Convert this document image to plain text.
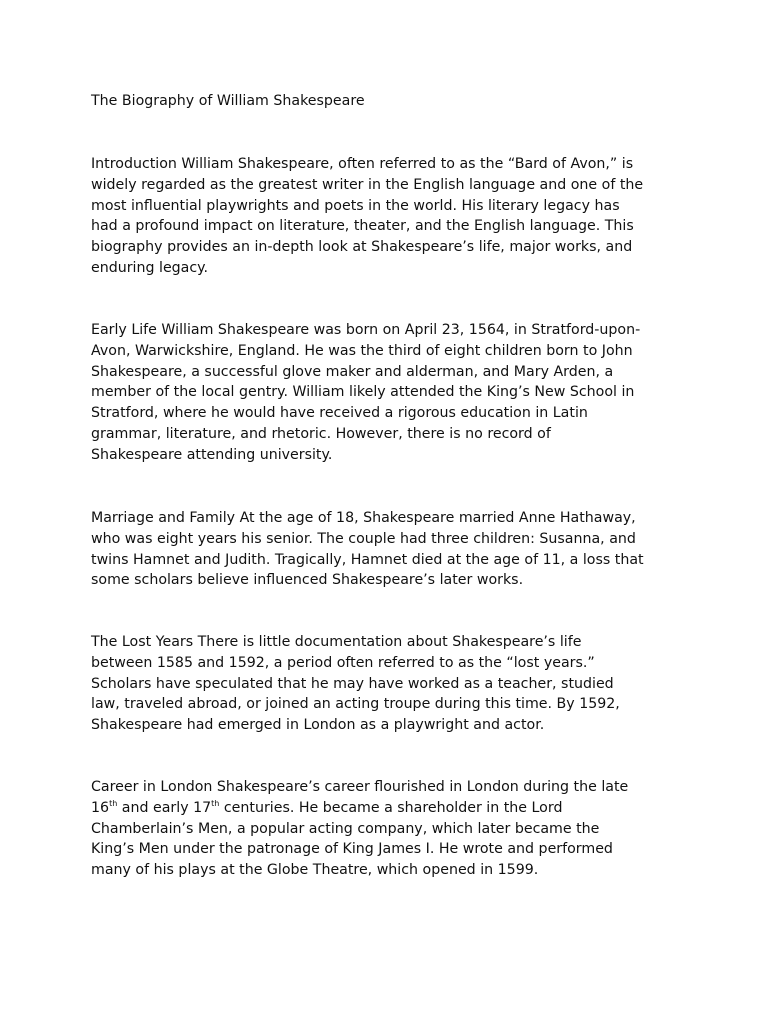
The Biography of William Shakespeare

Introduction William Shakespeare, often referred to as the “Bard of Avon,” is
widely regarded as the greatest writer in the English language and one of the
most influential playwrights and poets in the world. His literary legacy has
had a profound impact on literature, theater, and the English language. This
biography provides an in-depth look at Shakespeare’s life, major works, and
enduring legacy.

Early Life William Shakespeare was born on April 23, 1564, in Stratford-upon-
Avon, Warwickshire, England. He was the third of eight children born to John
Shakespeare, a successful glove maker and alderman, and Mary Arden, a
member of the local gentry. William likely attended the King’s New School in
Stratford, where he would have received a rigorous education in Latin
grammar, literature, and rhetoric. However, there is no record of
Shakespeare attending university.

Marriage and Family At the age of 18, Shakespeare married Anne Hathaway,
who was eight years his senior. The couple had three children: Susanna, and
twins Hamnet and Judith. Tragically, Hamnet died at the age of 11, a loss that
some scholars believe influenced Shakespeare’s later works.

The Lost Years There is little documentation about Shakespeare’s life
between 1585 and 1592, a period often referred to as the “lost years.”
Scholars have speculated that he may have worked as a teacher, studied
law, traveled abroad, or joined an acting troupe during this time. By 1592,
Shakespeare had emerged in London as a playwright and actor.

Career in London Shakespeare’s career flourished in London during the late
16th and early 17th centuries. He became a shareholder in the Lord
Chamberlain’s Men, a popular acting company, which later became the
King’s Men under the patronage of King James I. He wrote and performed
many of his plays at the Globe Theatre, which opened in 1599.
